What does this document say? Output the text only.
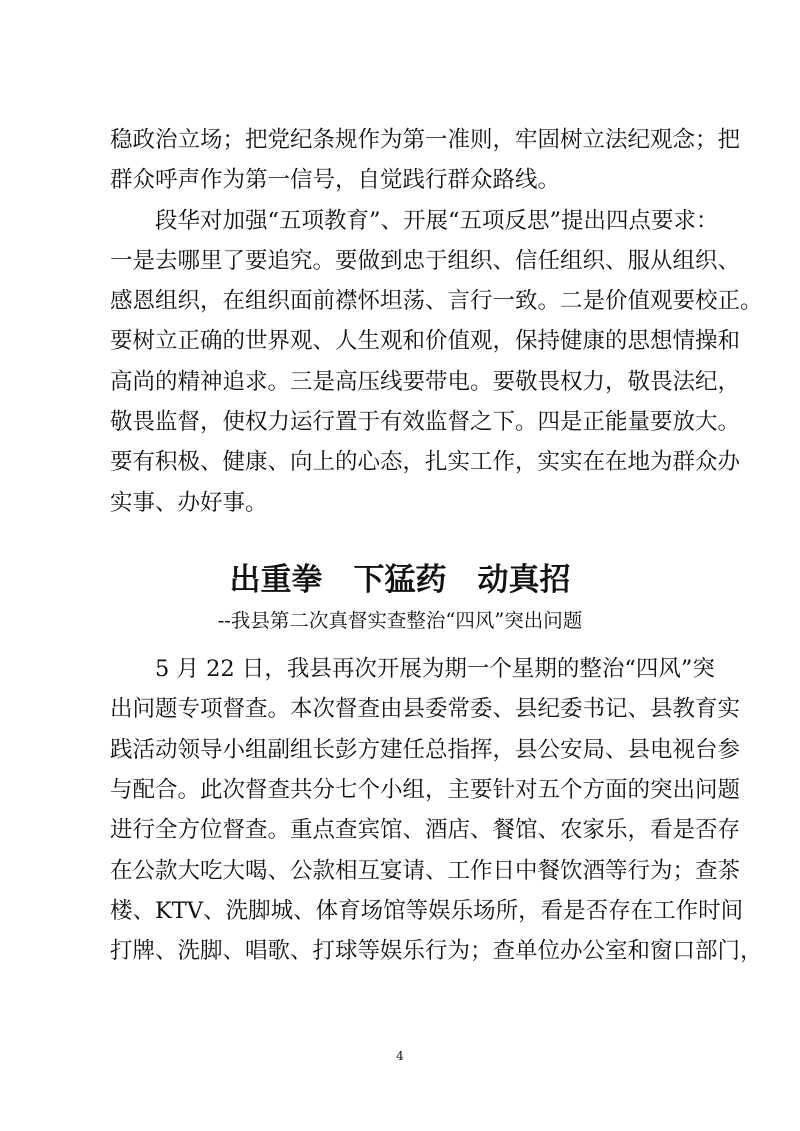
稳政治立场；把党纪条规作为第一准则，牢固树立法纪观念；把
群众呼声作为第一信号，自觉践行群众路线。
段华对加强“五项教育”、开展“五项反思”提出四点要求：
一是去哪里了要追究。要做到忠于组织、信任组织、服从组织、
感恩组织，在组织面前襟怀坦荡、言行一致。二是价值观要校正。
要树立正确的世界观、人生观和价值观，保持健康的思想情操和
高尚的精神追求。三是高压线要带电。要敬畏权力，敬畏法纪，
敬畏监督，使权力运行置于有效监督之下。四是正能量要放大。
要有积极、健康、向上的心态，扎实工作，实实在在地为群众办
实事、办好事。
出重拳　下猛药　动真招
--我县第二次真督实查整治“四风”突出问题
5 月 22 日，我县再次开展为期一个星期的整治“四风”突
出问题专项督查。本次督查由县委常委、县纪委书记、县教育实
践活动领导小组副组长彭方建任总指挥，县公安局、县电视台参
与配合。此次督查共分七个小组，主要针对五个方面的突出问题
进行全方位督查。重点查宾馆、酒店、餐馆、农家乐，看是否存
在公款大吃大喝、公款相互宴请、工作日中餐饮酒等行为；查茶
楼、KTV、洗脚城、体育场馆等娱乐场所，看是否存在工作时间
打牌、洗脚、唱歌、打球等娱乐行为；查单位办公室和窗口部门，
4
